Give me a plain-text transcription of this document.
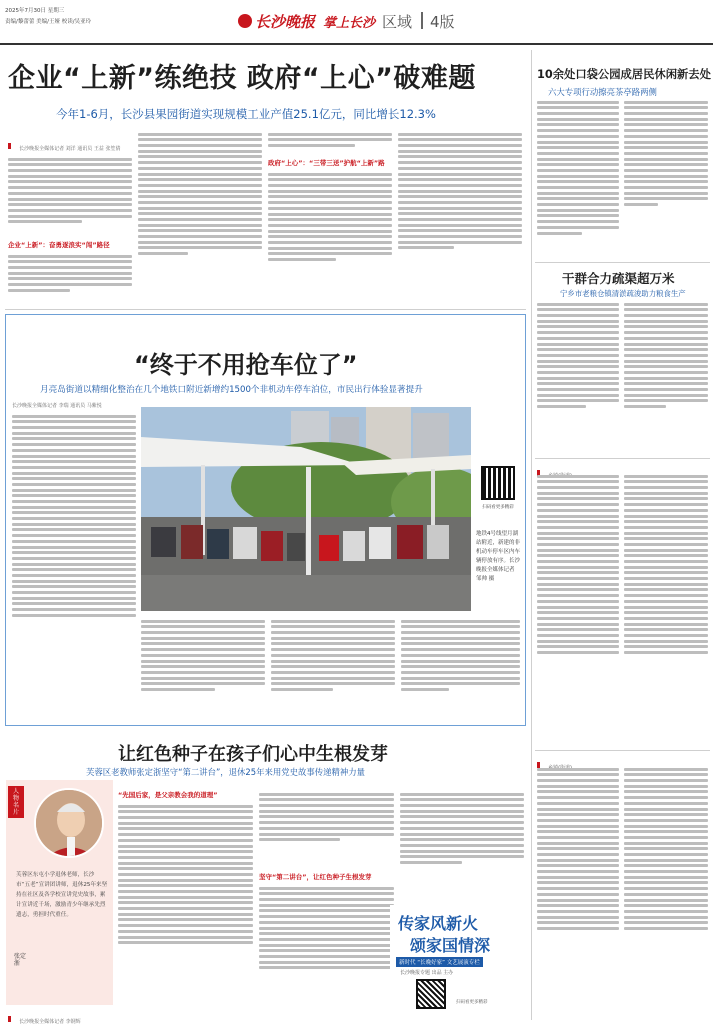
2025年7月30日 星期三
责编/黎蕾蕾 美编/王娅 校读/吴亚玲	长沙晚报 掌上长沙 区域 4版
企业“上新”练绝技 政府“上心”破难题
今年1-6月，长沙县果园街道实现规模工业产值25.1亿元，同比增长12.3%
长沙晚报全媒体记者 刘洋 通讯员 王益 张笙倩
企业“上新”：奋勇逐浪实“闯”路径
政府“上心”：“三带三送”护航“上新”路
“终于不用抢车位了”
月亮岛街道以精细化整治在几个地铁口附近新增约1500个非机动车停车泊位，市民出行体验显著提升
长沙晚报全媒体记者 李瑞 通讯员 马紫悦
扫码看更多精彩
地铁4号线望月湖站附近，新建的非机动车停车区内车辆停放有序。长沙晚报全媒体记者 邹帅 摄
让红色种子在孩子们心中生根发芽
芙蓉区老教师张定浙坚守“第二讲台”，退休25年来用党史故事传递精神力量
人物名片
芙蓉区东屯小学退休老师，长沙市“五老”宣讲团讲师，退休25年来坚持在社区及各学校宣讲党史故事，累计宣讲近千场，激励青少年继承先烈遗志，勇担时代重任。
张定浙
长沙晚报全媒体记者 李钢辉
“先国后家，是父亲教会我的道理”
坚守“第二讲台”，让红色种子生根发芽
传家风新火
颂家国情深
新时代 “长晚好家” 文艺展演专栏
长沙晚报专题 出品 主办
扫码看更多精彩
10余处口袋公园成居民休闲新去处
六大专项行动擦亮茶亭路两侧
干群合力疏渠超万米
宁乡市老粮仓镇清淤疏浚助力粮食生产
